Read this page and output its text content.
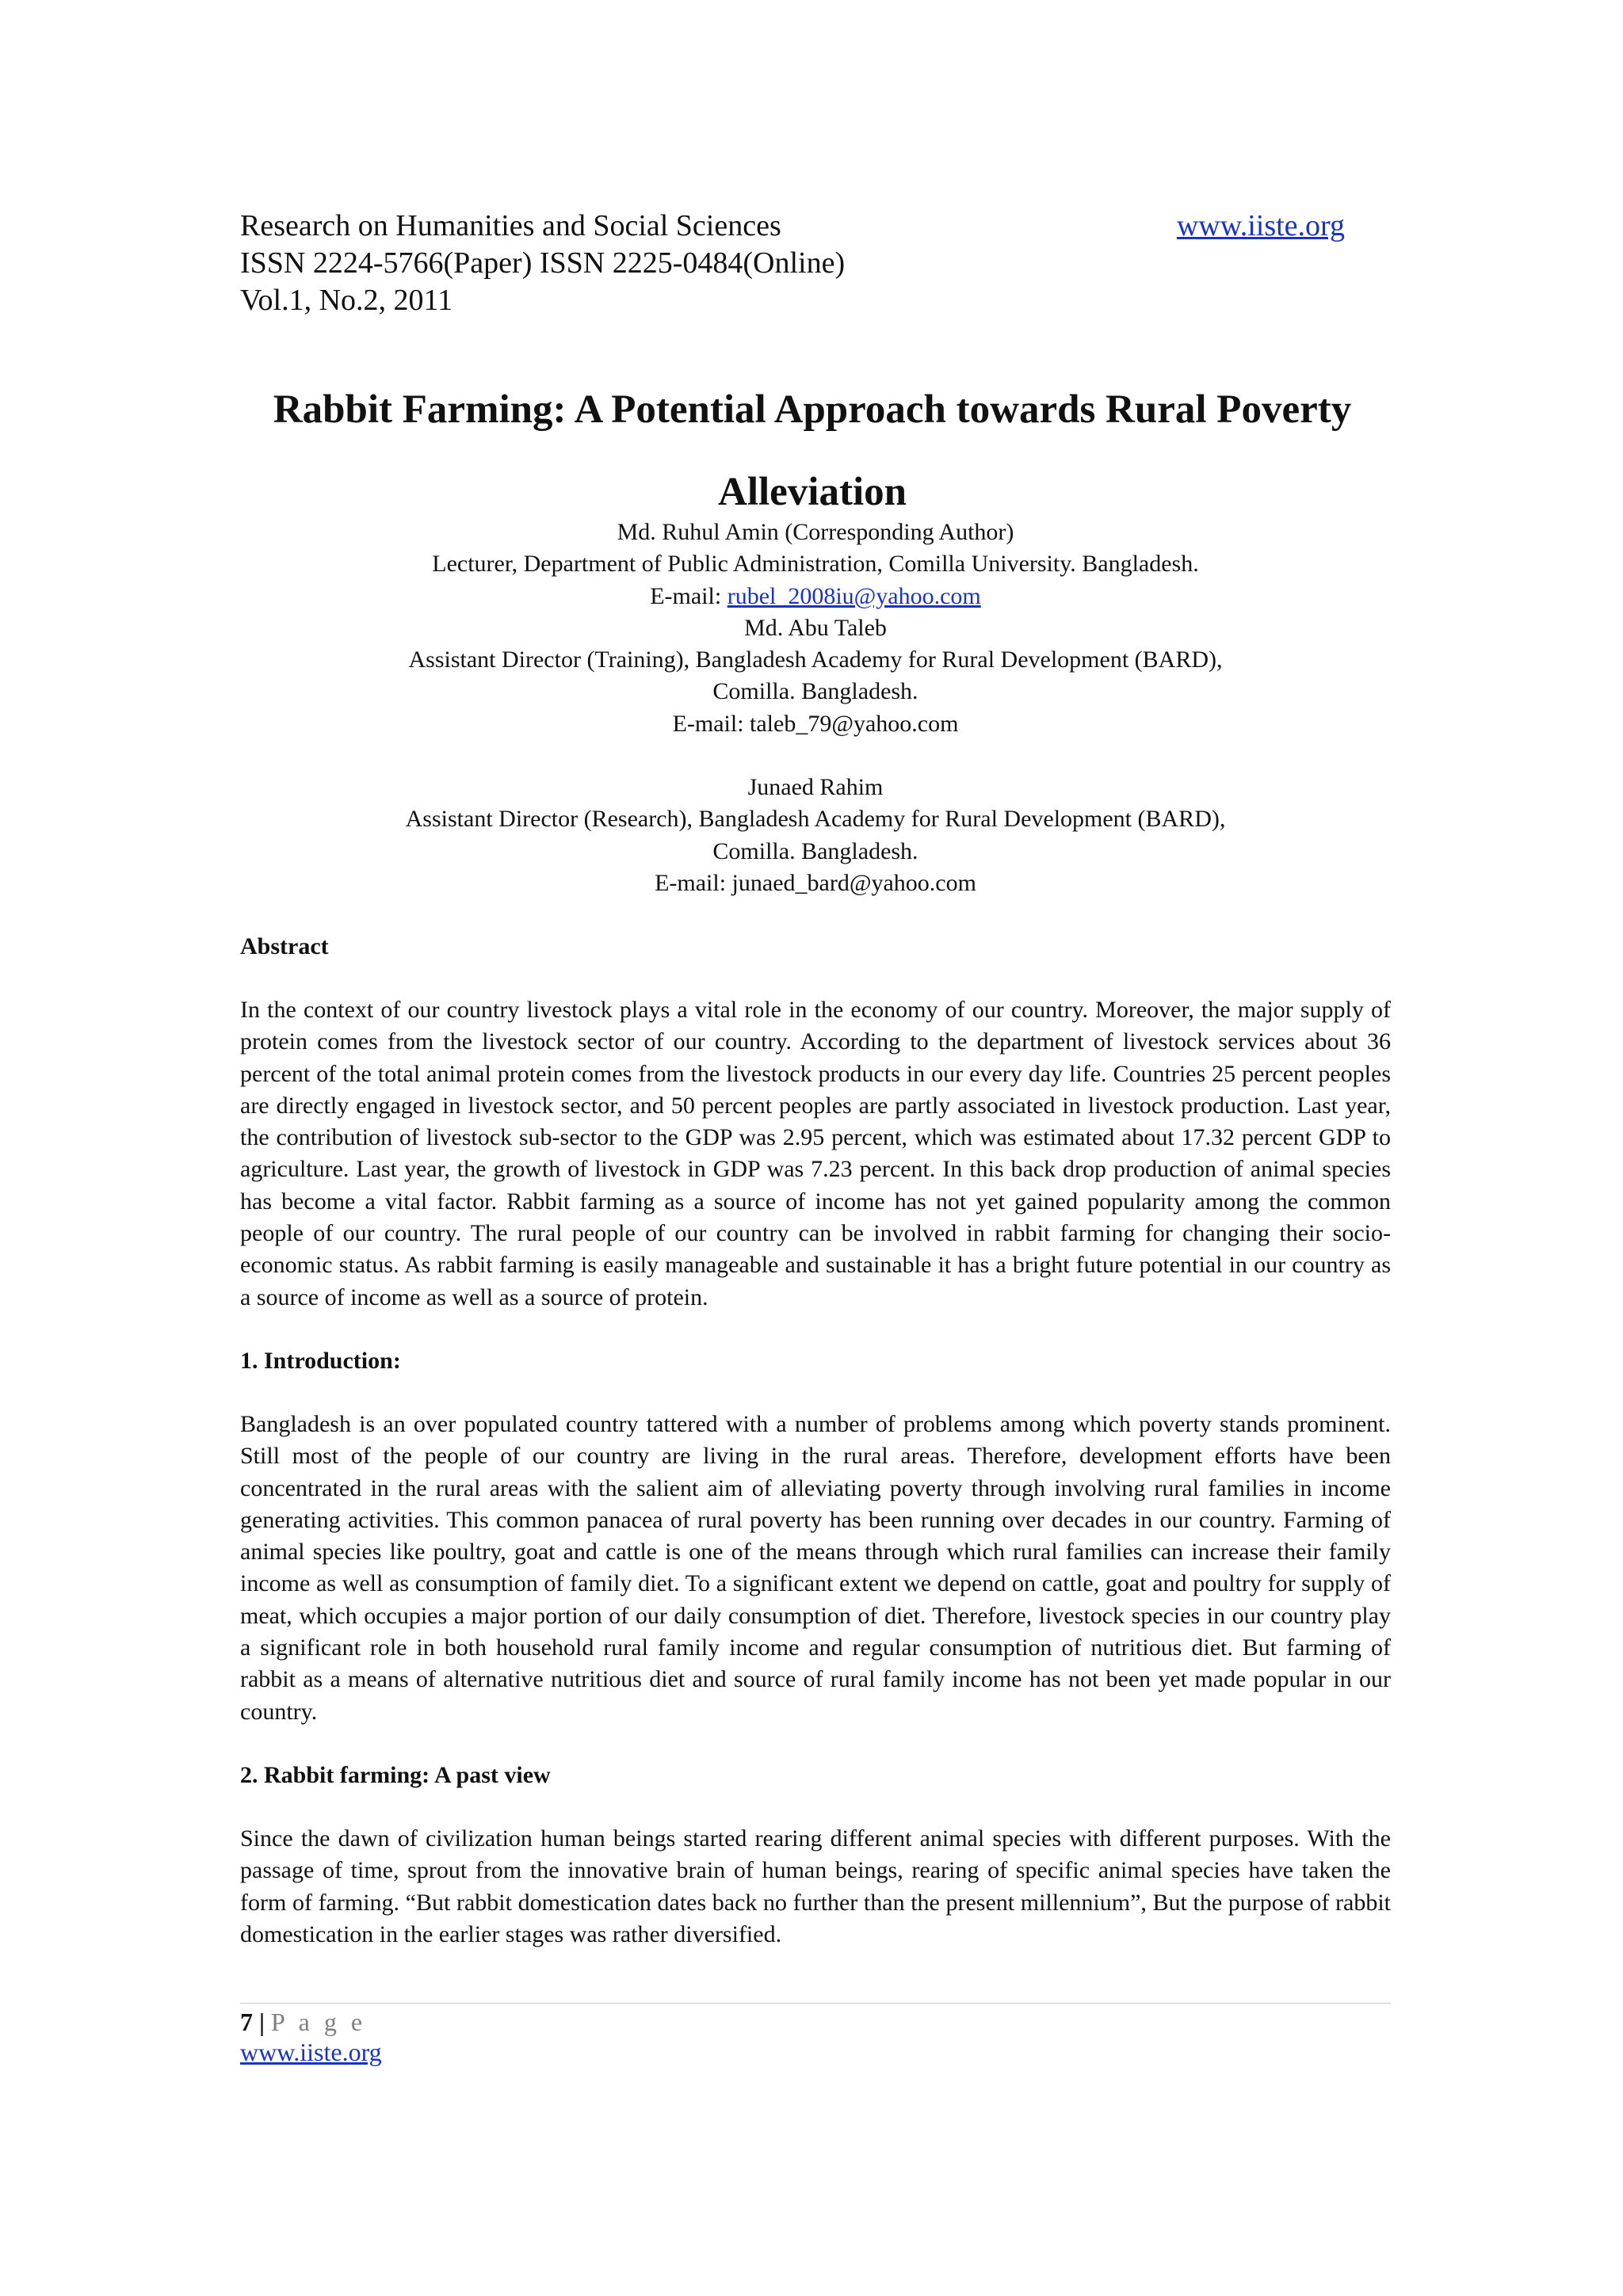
Research on Humanities and Social Sciences	www.iiste.org
ISSN 2224-5766(Paper) ISSN 2225-0484(Online)
Vol.1, No.2, 2011
Rabbit Farming: A Potential Approach towards Rural Poverty Alleviation
Md. Ruhul Amin (Corresponding Author)
Lecturer, Department of Public Administration, Comilla University. Bangladesh.
E-mail: rubel_2008iu@yahoo.com
Md. Abu Taleb
Assistant Director (Training), Bangladesh Academy for Rural Development (BARD),
Comilla. Bangladesh.
E-mail: taleb_79@yahoo.com
Junaed Rahim
Assistant Director (Research), Bangladesh Academy for Rural Development (BARD),
Comilla. Bangladesh.
E-mail: junaed_bard@yahoo.com

Abstract

In the context of our country livestock plays a vital role in the economy of our country. Moreover, the major supply of protein comes from the livestock sector of our country. According to the department of livestock services about 36 percent of the total animal protein comes from the livestock products in our every day life. Countries 25 percent peoples are directly engaged in livestock sector, and 50 percent peoples are partly associated in livestock production. Last year, the contribution of livestock sub-sector to the GDP was 2.95 percent, which was estimated about 17.32 percent GDP to agriculture. Last year, the growth of livestock in GDP was 7.23 percent. In this back drop production of animal species has become a vital factor. Rabbit farming as a source of income has not yet gained popularity among the common people of our country. The rural people of our country can be involved in rabbit farming for changing their socio-economic status. As rabbit farming is easily manageable and sustainable it has a bright future potential in our country as a source of income as well as a source of protein.

1. Introduction:

Bangladesh is an over populated country tattered with a number of problems among which poverty stands prominent. Still most of the people of our country are living in the rural areas. Therefore, development efforts have been concentrated in the rural areas with the salient aim of alleviating poverty through involving rural families in income generating activities. This common panacea of rural poverty has been running over decades in our country. Farming of animal species like poultry, goat and cattle is one of the means through which rural families can increase their family income as well as consumption of family diet. To a significant extent we depend on cattle, goat and poultry for supply of meat, which occupies a major portion of our daily consumption of diet. Therefore, livestock species in our country play a significant role in both household rural family income and regular consumption of nutritious diet. But farming of rabbit as a means of alternative nutritious diet and source of rural family income has not been yet made popular in our country.

2. Rabbit farming: A past view

Since the dawn of civilization human beings started rearing different animal species with different purposes. With the passage of time, sprout from the innovative brain of human beings, rearing of specific animal species have taken the form of farming. “But rabbit domestication dates back no further than the present millennium”, But the purpose of rabbit domestication in the earlier stages was rather diversified.

7 | P a g e
www.iiste.org
